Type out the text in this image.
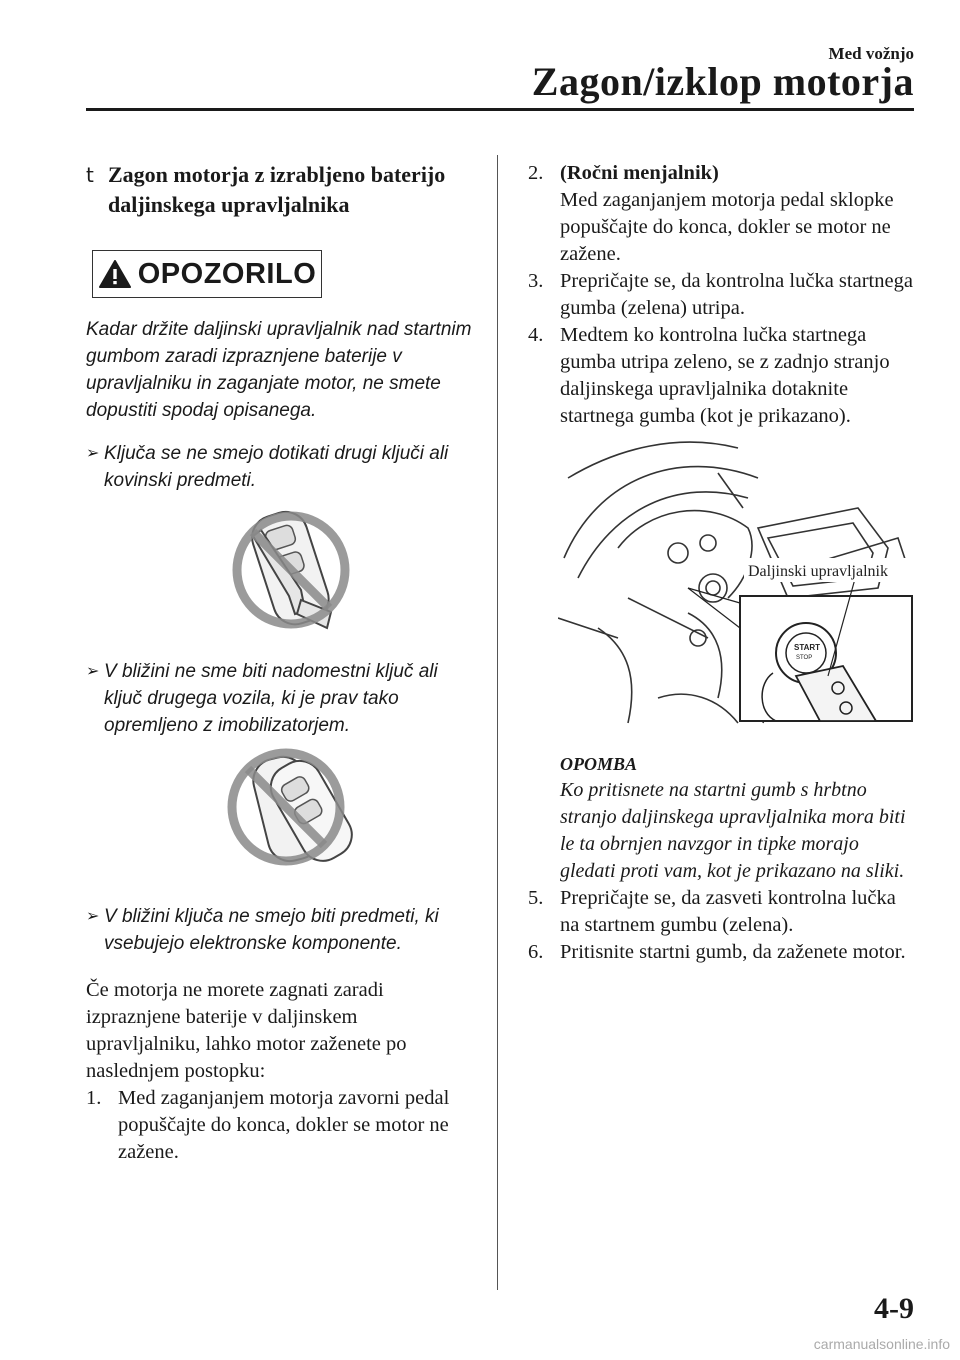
Med vožnjo
Zagon/izklop motorja
t Zagon motorja z izrabljeno baterijo daljinskega upravljalnika
OPOZORILO
Kadar držite daljinski upravljalnik nad startnim gumbom zaradi izpraznjene baterije v upravljalniku in zaganjate motor, ne smete dopustiti spodaj opisanega.
➢ Ključa se ne smejo dotikati drugi ključi ali kovinski predmeti.
➢ V bližini ne sme biti nadomestni ključ ali ključ drugega vozila, ki je prav tako opremljeno z imobilizatorjem.
➢ V bližini ključa ne smejo biti predmeti, ki vsebujejo elektronske komponente.
Če motorja ne morete zagnati zaradi izpraznjene baterije v daljinskem upravljalniku, lahko motor zaženete po naslednjem postopku:
1. Med zaganjanjem motorja zavorni pedal popuščajte do konca, dokler se motor ne zažene.
2. (Ročni menjalnik)
Med zaganjanjem motorja pedal sklopke popuščajte do konca, dokler se motor ne zažene.
3. Prepričajte se, da kontrolna lučka startnega gumba (zelena) utripa.
4. Medtem ko kontrolna lučka startnega gumba utripa zeleno, se z zadnjo stranjo daljinskega upravljalnika dotaknite startnega gumba (kot je prikazano).
START
STOP
Daljinski upravljalnik
OPOMBA
Ko pritisnete na startni gumb s hrbtno stranjo daljinskega upravljalnika mora biti le ta obrnjen navzgor in tipke morajo gledati proti vam, kot je prikazano na sliki.
5. Prepričajte se, da zasveti kontrolna lučka na startnem gumbu (zelena).
6. Pritisnite startni gumb, da zaženete motor.
4-9
carmanualsonline.info
